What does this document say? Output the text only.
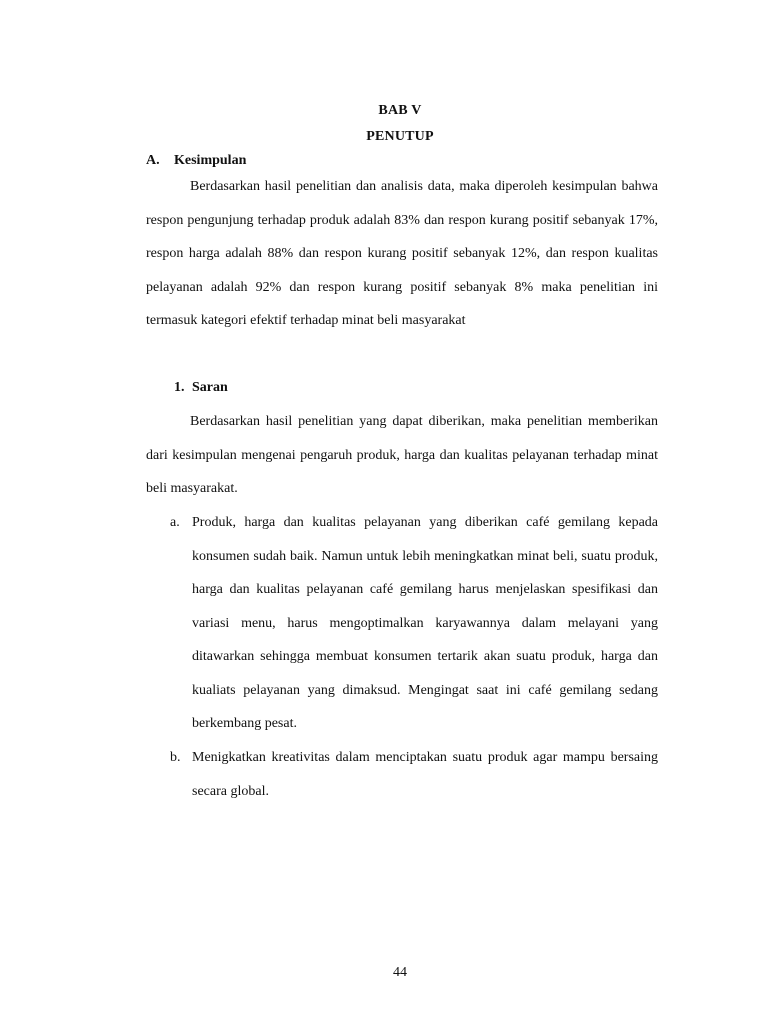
BAB V
PENUTUP
A. Kesimpulan

Berdasarkan hasil penelitian dan analisis data, maka diperoleh kesimpulan bahwa respon pengunjung terhadap produk adalah 83% dan respon kurang positif sebanyak 17%, respon harga adalah 88% dan respon kurang positif sebanyak 12%, dan respon kualitas pelayanan adalah 92% dan respon kurang positif sebanyak 8% maka penelitian ini termasuk kategori efektif terhadap minat beli masyarakat

1. Saran

Berdasarkan hasil penelitian yang dapat diberikan, maka penelitian memberikan dari kesimpulan mengenai pengaruh produk, harga dan kualitas pelayanan terhadap minat beli masyarakat.

a. Produk, harga dan kualitas pelayanan yang diberikan café gemilang kepada konsumen sudah baik. Namun untuk lebih meningkatkan minat beli, suatu produk, harga dan kualitas pelayanan café gemilang harus menjelaskan spesifikasi dan variasi menu, harus mengoptimalkan karyawannya dalam melayani yang ditawarkan sehingga membuat konsumen tertarik akan suatu produk, harga dan kualiats pelayanan yang dimaksud. Mengingat saat ini café gemilang sedang berkembang pesat.
b. Menigkatkan kreativitas dalam menciptakan suatu produk agar mampu bersaing secara global.
44
